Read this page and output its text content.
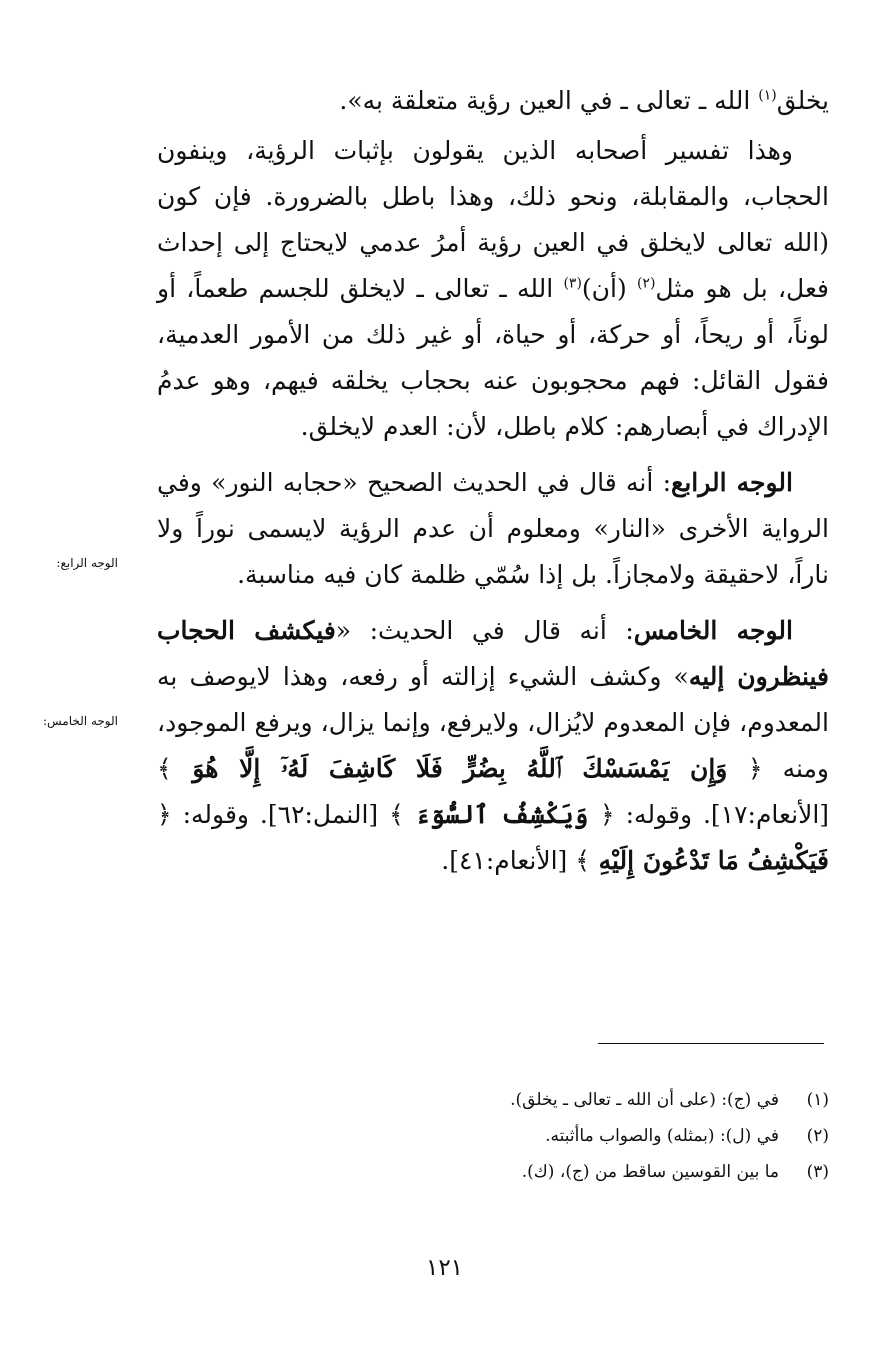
يخلق$^{(١)}$ الله ـ تعالى ـ في العين رؤية متعلقة به».

وهذا تفسير أصحابه الذين يقولون بإثبات الرؤية، وينفون الحجاب، والمقابلة، ونحو ذلك، وهذا باطل بالضرورة. فإن كون (الله تعالى لايخلق في العين رؤية أمرُ عدمي لايحتاج إلى إحداث فعل، بل هو مثل$^{(٢)}$ (أن)$^{(٣)}$ الله ـ تعالى ـ لايخلق للجسم طعماً، أو لوناً، أو ريحاً، أو حركة، أو حياة، أو غير ذلك من الأمور العدمية، فقول القائل: فهم محجوبون عنه بحجاب يخلقه فيهم، وهو عدمُ الإدراك في أبصارهم: كلام باطل، لأن: العدم لايخلق.

الوجه الرابع: أنه قال في الحديث الصحيح «حجابه النور» وفي الرواية الأخرى «النار» ومعلوم أن عدم الرؤية لايسمى نوراً ولا ناراً، لاحقيقة ولامجازاً. بل إذا سُمّي ظلمة كان فيه مناسبة.

الوجه الخامس: أنه قال في الحديث: «فيكشف الحجاب فينظرون إليه» وكشف الشيء إزالته أو رفعه، وهذا لايوصف به المعدوم، فإن المعدوم لايُزال، ولايرفع، وإنما يزال، ويرفع الموجود، ومنه ﴿ وَإِن يَمْسَسْكَ ٱللَّهُ بِضُرٍّ فَلَا كَاشِفَ لَهُۥٓ إِلَّا هُوَ ﴾ [الأنعام:١٧]. وقوله: ﴿ وَيَكْشِفُ ٱلسُّوٓءَ ﴾ [النمل:٦٢]. وقوله: ﴿ فَيَكْشِفُ مَا تَدْعُونَ إِلَيْهِ ﴾ [الأنعام:٤١].

الوجه الرابع:
الوجه الخامس:
(١)
في (ج): (على أن الله ـ تعالى ـ يخلق).
(٢)
في (ل): (بمثله) والصواب ماأثبته.
(٣)
ما بين القوسين ساقط من (ج)، (ك).
١٢١
